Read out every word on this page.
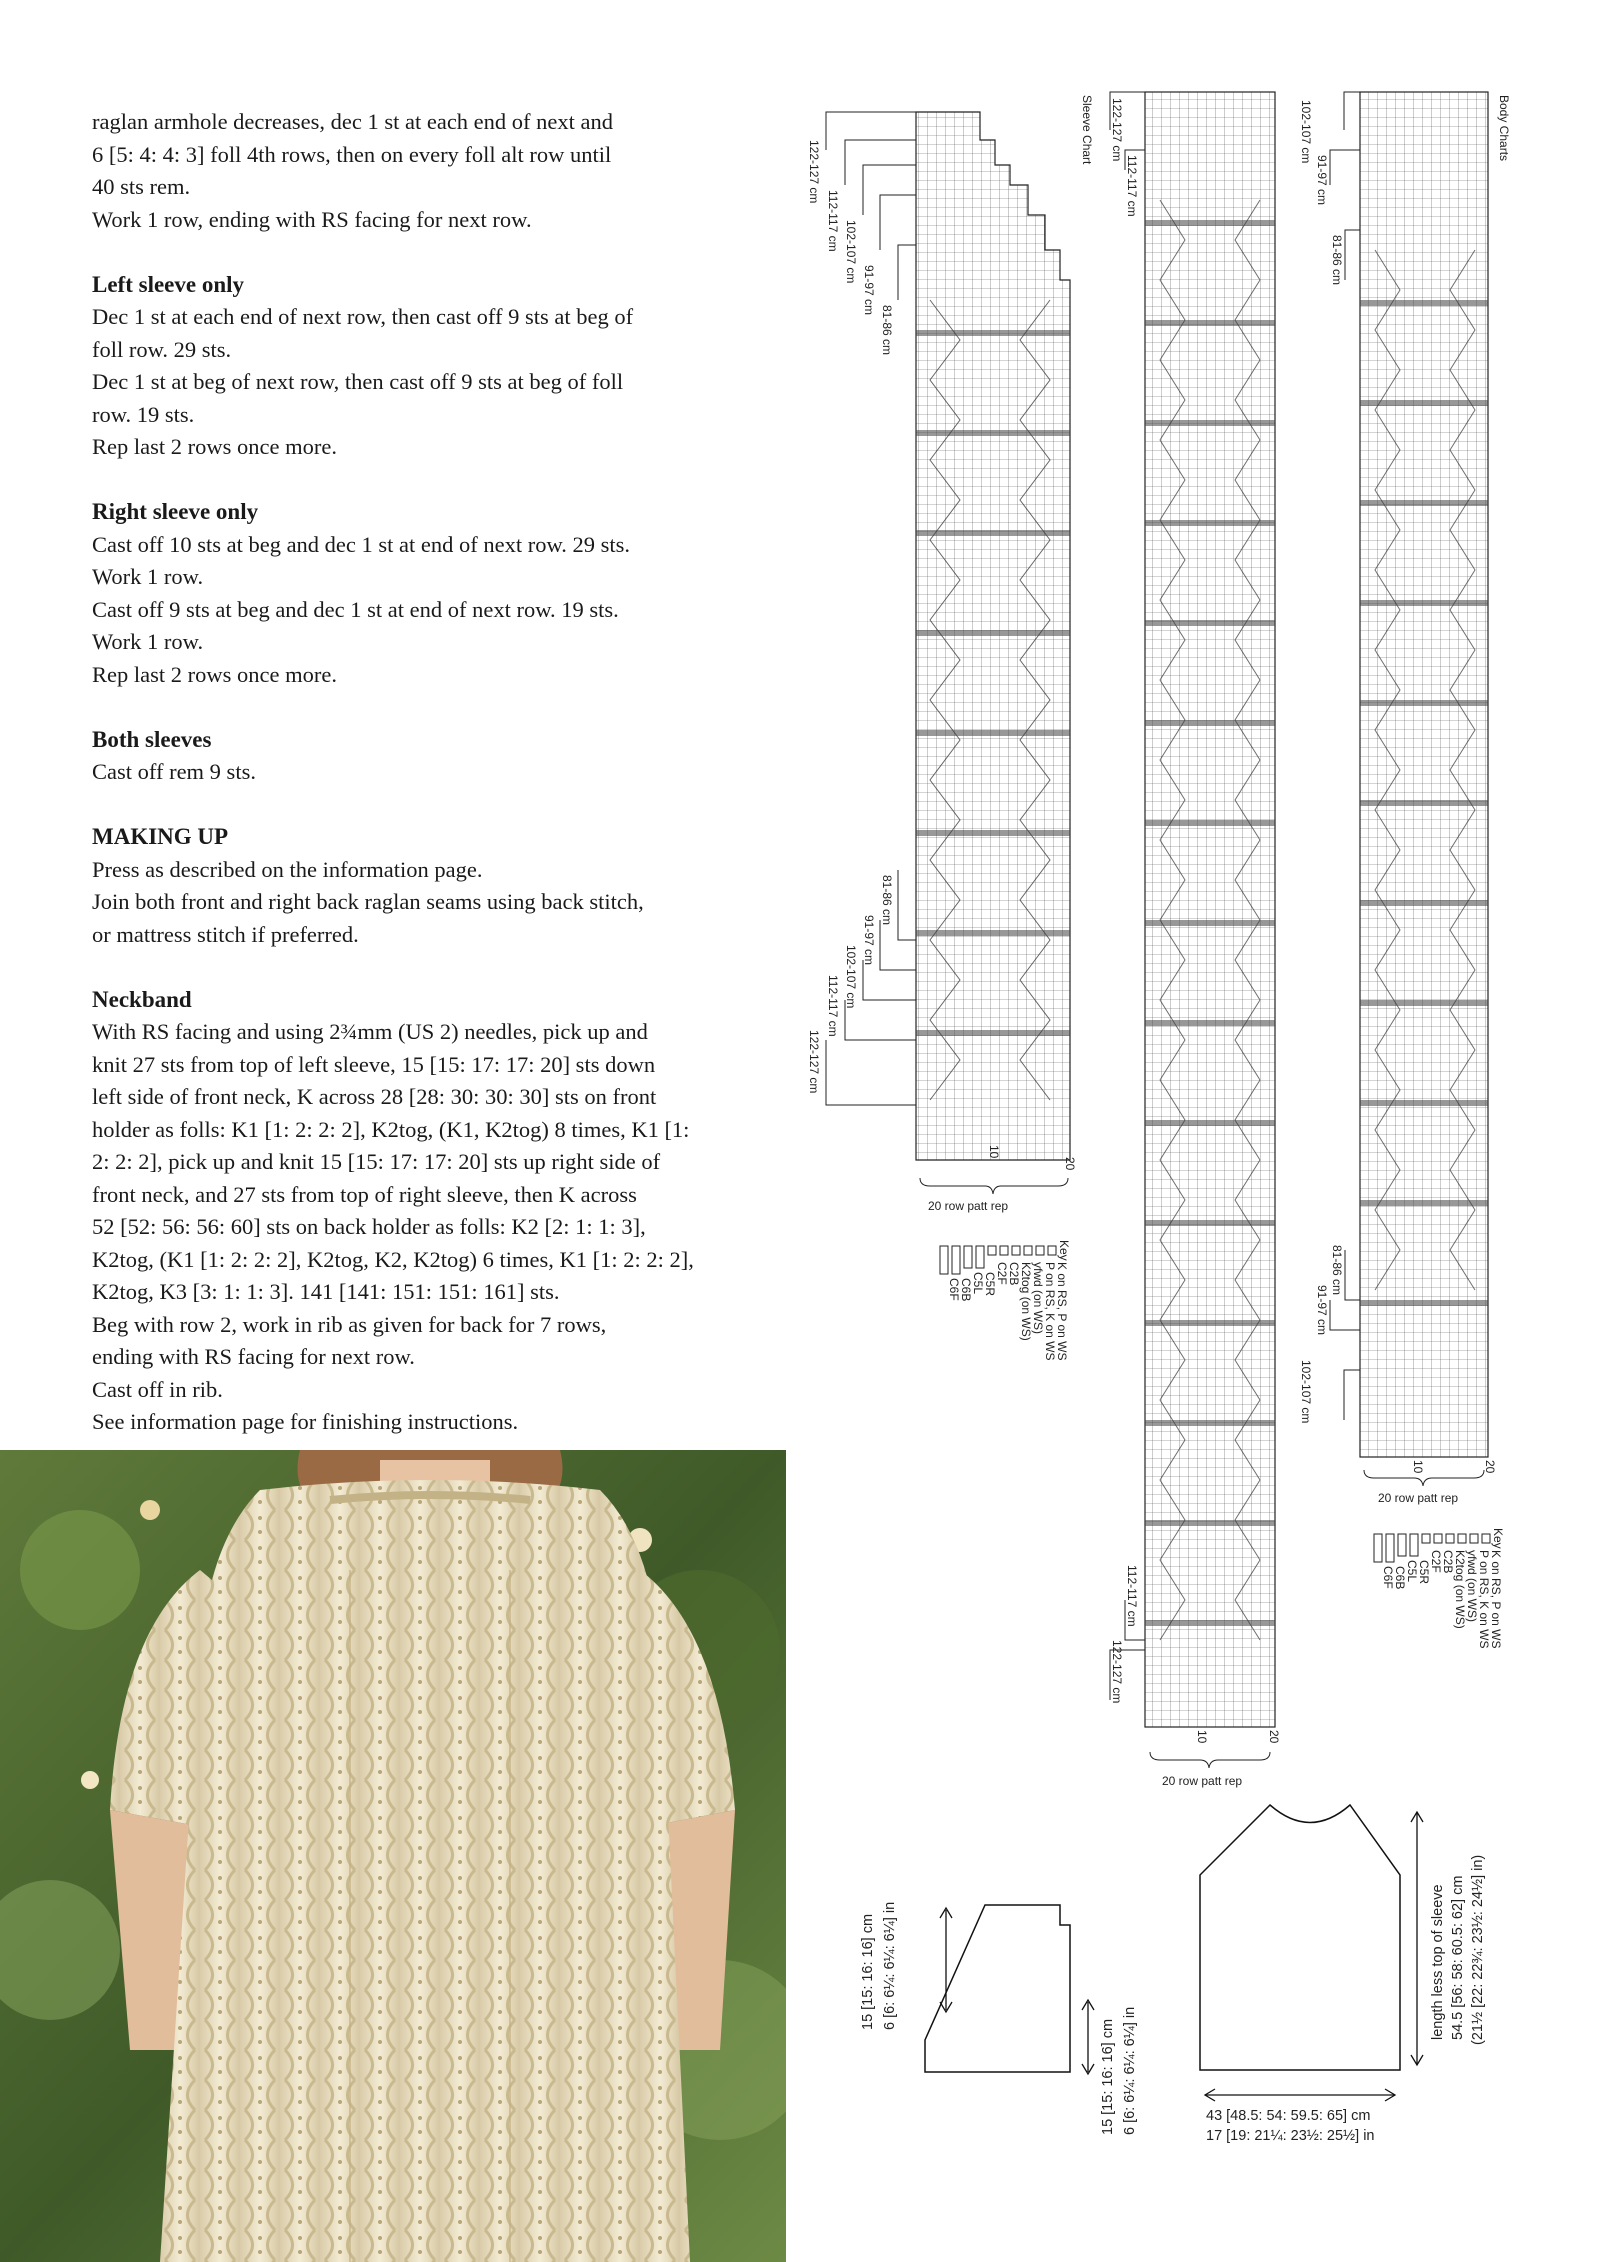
raglan armhole decreases, dec 1 st at each end of next and
6 [5: 4: 4: 3] foll 4th rows, then on every foll alt row until
40 sts rem.
Work 1 row, ending with RS facing for next row.

Left sleeve only

Dec 1 st at each end of next row, then cast off 9 sts at beg of
foll row. 29 sts.
Dec 1 st at beg of next row, then cast off 9 sts at beg of foll
row. 19 sts.
Rep last 2 rows once more.

Right sleeve only

Cast off 10 sts at beg and dec 1 st at end of next row. 29 sts.
Work 1 row.
Cast off 9 sts at beg and dec 1 st at end of next row. 19 sts.
Work 1 row.
Rep last 2 rows once more.

Both sleeves

Cast off rem 9 sts.

MAKING UP

Press as described on the information page.
Join both front and right back raglan seams using back stitch,
or mattress stitch if preferred.

Neckband

With RS facing and using 2¾mm (US 2) needles, pick up and
knit 27 sts from top of left sleeve, 15 [15: 17: 17: 20] sts down
left side of front neck, K across 28 [28: 30: 30: 30] sts on front
holder as folls: K1 [1: 2: 2: 2], K2tog, (K1, K2tog) 8 times, K1 [1:
2: 2: 2], pick up and knit 15 [15: 17: 17: 20] sts up right side of
front neck, and 27 sts from top of right sleeve, then K across
52 [52: 56: 56: 60] sts on back holder as folls: K2 [2: 1: 1: 3],
K2tog, (K1 [1: 2: 2: 2], K2tog, K2, K2tog) 6 times, K1 [1: 2: 2: 2],
K2tog, K3 [3: 1: 1: 3]. 141 [141: 151: 151: 161] sts.
Beg with row 2, work in rib as given for back for 7 rows,
ending with RS facing for next row.
Cast off in rib.
See information page for finishing instructions.

Sleeve Chart
122-127 cm
112-117 cm 102-107 cm
91-97 cm
81-86 cm
81-86 cm
91-97 cm
102-107 cm
112-117 cm
122-127 cm
10
20
20 row patt rep
Key
K on RS, P on WS
P on RS, K on WS
yfwd (on WS)
K2tog (on WS)
C2B
C2F
C5R
C5L
C6B
C6F
122-127 cm
112-117 cm
112-117 cm
122-127 cm
10	20
20 row patt rep
Body Charts
102-107 cm
91-97 cm
81-86 cm
81-86 cm
91-97 cm
102-107 cm
10	20
20 row patt rep
Key
K on RS, P on WS
P on RS, K on WS
yfwd (on WS)
K2tog (on WS)
C2B
C2F
C5R
C5L
C6B
C6F
15 [15: 16: 16] cm 6 [6: 6¼: 6¼: 6¼] in
15 [15: 16: 16] cm 6 [6: 6¼: 6¼: 6¼] in	43 [48.5: 54: 59.5: 65] cm
17 [19: 21¼: 23½: 25½] in
length less top of sleeve 54.5 [56: 58: 60.5: 62] cm (21½ [22: 22¾: 23½: 24½] in)
